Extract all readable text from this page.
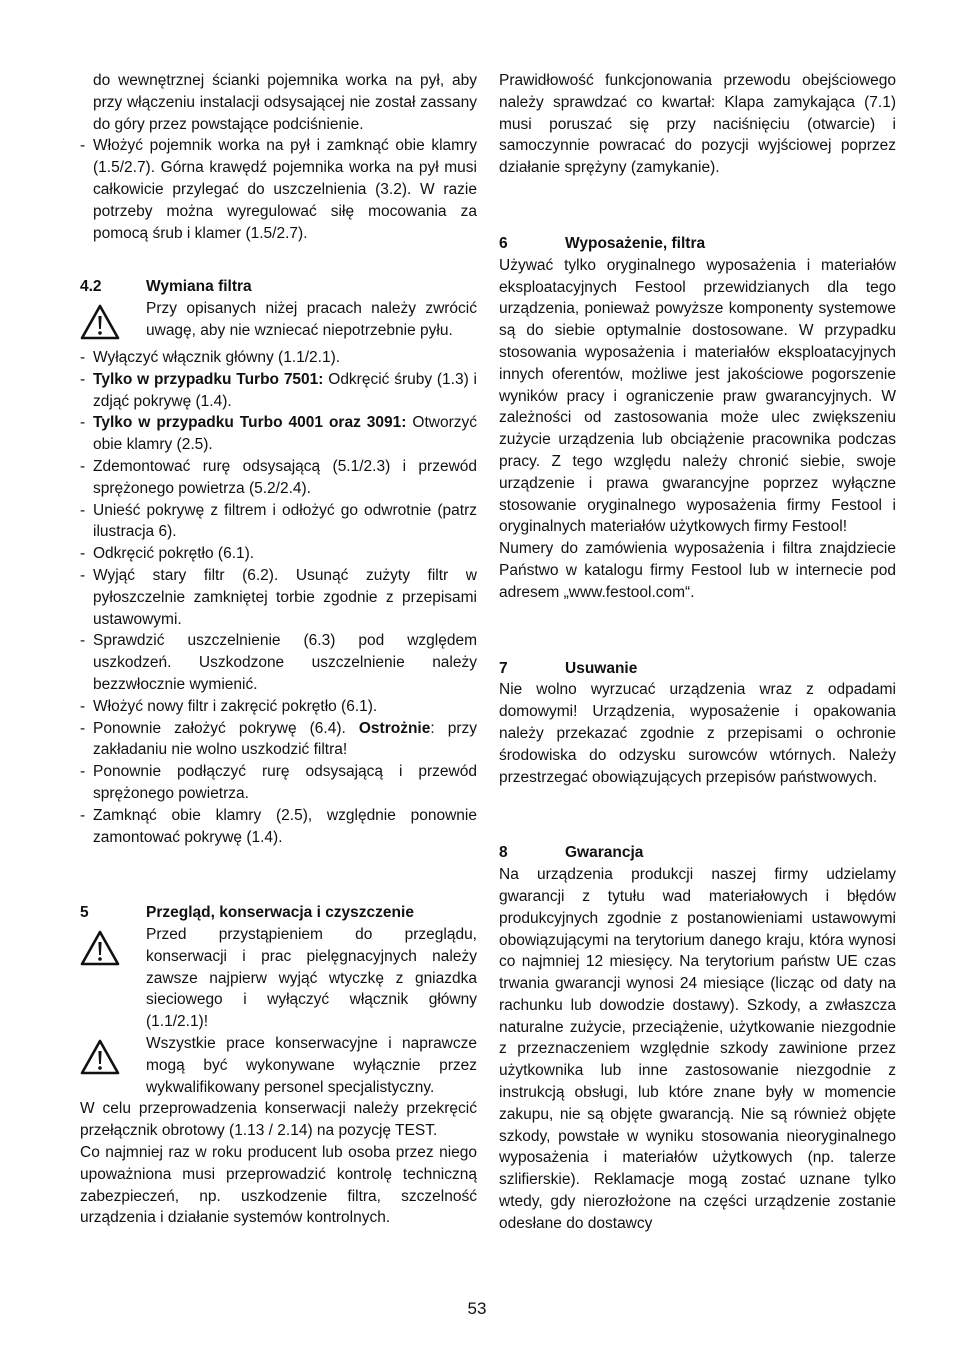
do wewnętrznej ścianki pojemnika worka na pył, aby przy włączeniu instalacji odsysającej nie został zassany do góry przez powstające podciśnienie.

- Włożyć pojemnik worka na pył i zamknąć obie klamry (1.5/2.7). Górna krawędź pojemnika worka na pył musi całkowicie przylegać do uszczelnienia (3.2). W razie potrzeby można wyregulować siłę mocowania za pomocą śrub i klamer (1.5/2.7).
4.2	Wymiana filtra

Przy opisanych niżej pracach należy zwrócić uwagę, aby nie wzniecać niepotrzebnie pyłu.

- Wyłączyć włącznik główny (1.1/2.1).
- Tylko w przypadku Turbo 7501: Odkręcić śruby (1.3) i zdjąć pokrywę (1.4).
- Tylko w przypadku Turbo 4001 oraz 3091: Otworzyć obie klamry (2.5).
- Zdemontować rurę odsysającą (5.1/2.3) i przewód sprężonego powietrza (5.2/2.4).
- Unieść pokrywę z filtrem i odłożyć go odwrotnie (patrz ilustracja 6).
- Odkręcić pokrętło (6.1).
- Wyjąć stary filtr (6.2). Usunąć zużyty filtr w pyłoszczelnie zamkniętej torbie zgodnie z przepisami ustawowymi.
- Sprawdzić uszczelnienie (6.3) pod względem uszkodzeń. Uszkodzone uszczelnienie należy bezzwłocznie wymienić.
- Włożyć nowy filtr i zakręcić pokrętło (6.1).
- Ponownie założyć pokrywę (6.4). Ostrożnie: przy zakładaniu nie wolno uszkodzić filtra!
- Ponownie podłączyć rurę odsysającą i przewód sprężonego powietrza.
- Zamknąć obie klamry (2.5), względnie ponownie zamontować pokrywę (1.4).
5	Przegląd, konserwacja i czyszczenie

Przed przystąpieniem do przeglądu, konserwacji i prac pielęgnacyjnych należy zawsze najpierw wyjąć wtyczkę z gniazdka sieciowego i wyłączyć włącznik główny (1.1/2.1)!

Wszystkie prace konserwacyjne i naprawcze mogą być wykonywane wyłącznie przez wykwalifikowany personel specjalistyczny.

W celu przeprowadzenia konserwacji należy przekręcić przełącznik obrotowy (1.13 / 2.14) na pozycję TEST.

Co najmniej raz w roku producent lub osoba przez niego upoważniona musi przeprowadzić kontrolę techniczną zabezpieczeń, np. uszkodzenie filtra, szczelność urządzenia i działanie systemów kontrolnych.

Prawidłowość funkcjonowania przewodu obejściowego należy sprawdzać co kwartał: Klapa zamykająca (7.1) musi poruszać się przy naciśnięciu (otwarcie) i samoczynnie powracać do pozycji wyjściowej poprzez działanie sprężyny (zamykanie).

6	Wyposażenie, filtra

Używać tylko oryginalnego wyposażenia i materiałów eksploatacyjnych Festool przewidzianych dla tego urządzenia, ponieważ powyższe komponenty systemowe są do siebie optymalnie dostosowane. W przypadku stosowania wyposażenia i materiałów eksploatacyjnych innych oferentów, możliwe jest jakościowe pogorszenie wyników pracy i ograniczenie praw gwarancyjnych. W zależności od zastosowania może ulec zwiększeniu zużycie urządzenia lub obciążenie pracownika podczas pracy. Z tego względu należy chronić siebie, swoje urządzenie i prawa gwarancyjne poprzez wyłączne stosowanie oryginalnego wyposażenia firmy Festool i oryginalnych materiałów użytkowych firmy Festool!

Numery do zamówienia wyposażenia i filtra znajdziecie Państwo w katalogu firmy Festool lub w internecie pod adresem „www.festool.com“.

7	Usuwanie

Nie wolno wyrzucać urządzenia wraz z odpadami domowymi! Urządzenia, wyposażenie i opakowania należy przekazać zgodnie z przepisami o ochronie środowiska do odzysku surowców wtórnych. Należy przestrzegać obowiązujących przepisów państwowych.

8	Gwarancja

Na urządzenia produkcji naszej firmy udzielamy gwarancji z tytułu wad materiałowych i błędów produkcyjnych zgodnie z postanowieniami ustawowymi obowiązującymi na terytorium danego kraju, która wynosi co najmniej 12 miesięcy. Na terytorium państw UE czas trwania gwarancji wynosi 24 miesiące (licząc od daty na rachunku lub dowodzie dostawy). Szkody, a zwłaszcza naturalne zużycie, przeciążenie, użytkowanie niezgodnie z przeznaczeniem względnie szkody zawinione przez użytkownika lub inne zastosowanie niezgodnie z instrukcją obsługi, lub które znane były w momencie zakupu, nie są objęte gwarancją. Nie są również objęte szkody, powstałe w wyniku stosowania nieoryginalnego wyposażenia i materiałów użytkowych (np. talerze szlifierskie). Reklamacje mogą zostać uznane tylko wtedy, gdy nierozłożone na części urządzenie zostanie odesłane do dostawcy

53
